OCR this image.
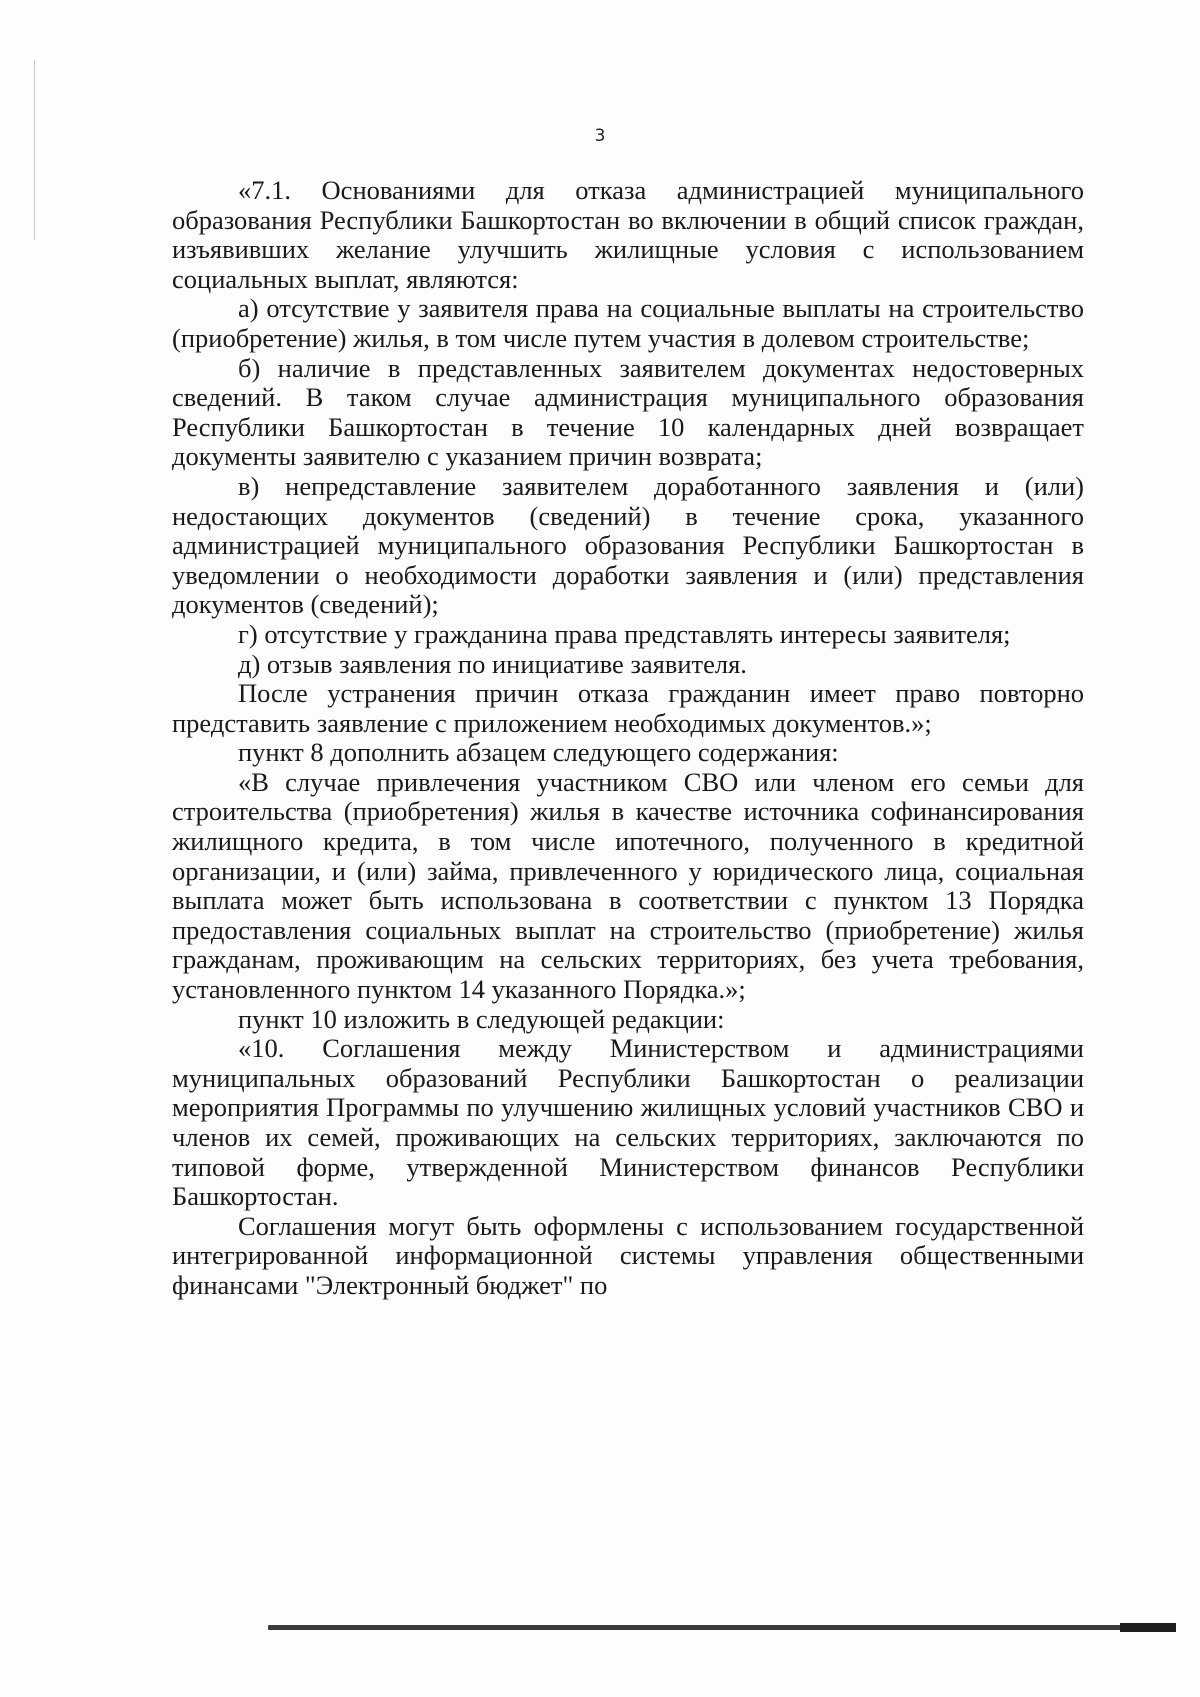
3

«7.1. Основаниями для отказа администрацией муниципального образования Республики Башкортостан во включении в общий список граждан, изъявивших желание улучшить жилищные условия с использованием социальных выплат, являются:

а) отсутствие у заявителя права на социальные выплаты на строительство (приобретение) жилья, в том числе путем участия в долевом строительстве;

б) наличие в представленных заявителем документах недостоверных сведений. В таком случае администрация муниципального образования Республики Башкортостан в течение 10 календарных дней возвращает документы заявителю с указанием причин возврата;

в) непредставление заявителем доработанного заявления и (или) недостающих документов (сведений) в течение срока, указанного администрацией муниципального образования Республики Башкортостан в уведомлении о необходимости доработки заявления и (или) представления документов (сведений);

г) отсутствие у гражданина права представлять интересы заявителя;

д) отзыв заявления по инициативе заявителя.

После устранения причин отказа гражданин имеет право повторно представить заявление с приложением необходимых документов.»;

пункт 8 дополнить абзацем следующего содержания:

«В случае привлечения участником СВО или членом его семьи для строительства (приобретения) жилья в качестве источника софинансирования жилищного кредита, в том числе ипотечного, полученного в кредитной организации, и (или) займа, привлеченного у юридического лица, социальная выплата может быть использована в соответствии с пунктом 13 Порядка предоставления социальных выплат на строительство (приобретение) жилья гражданам, проживающим на сельских территориях, без учета требования, установленного пунктом 14 указанного Порядка.»;

пункт 10 изложить в следующей редакции:

«10. Соглашения между Министерством и администрациями муниципальных образований Республики Башкортостан о реализации мероприятия Программы по улучшению жилищных условий участников СВО и членов их семей, проживающих на сельских территориях, заключаются по типовой форме, утвержденной Министерством финансов Республики Башкортостан.

Соглашения могут быть оформлены с использованием государственной интегрированной информационной системы управления общественными финансами "Электронный бюджет" по
